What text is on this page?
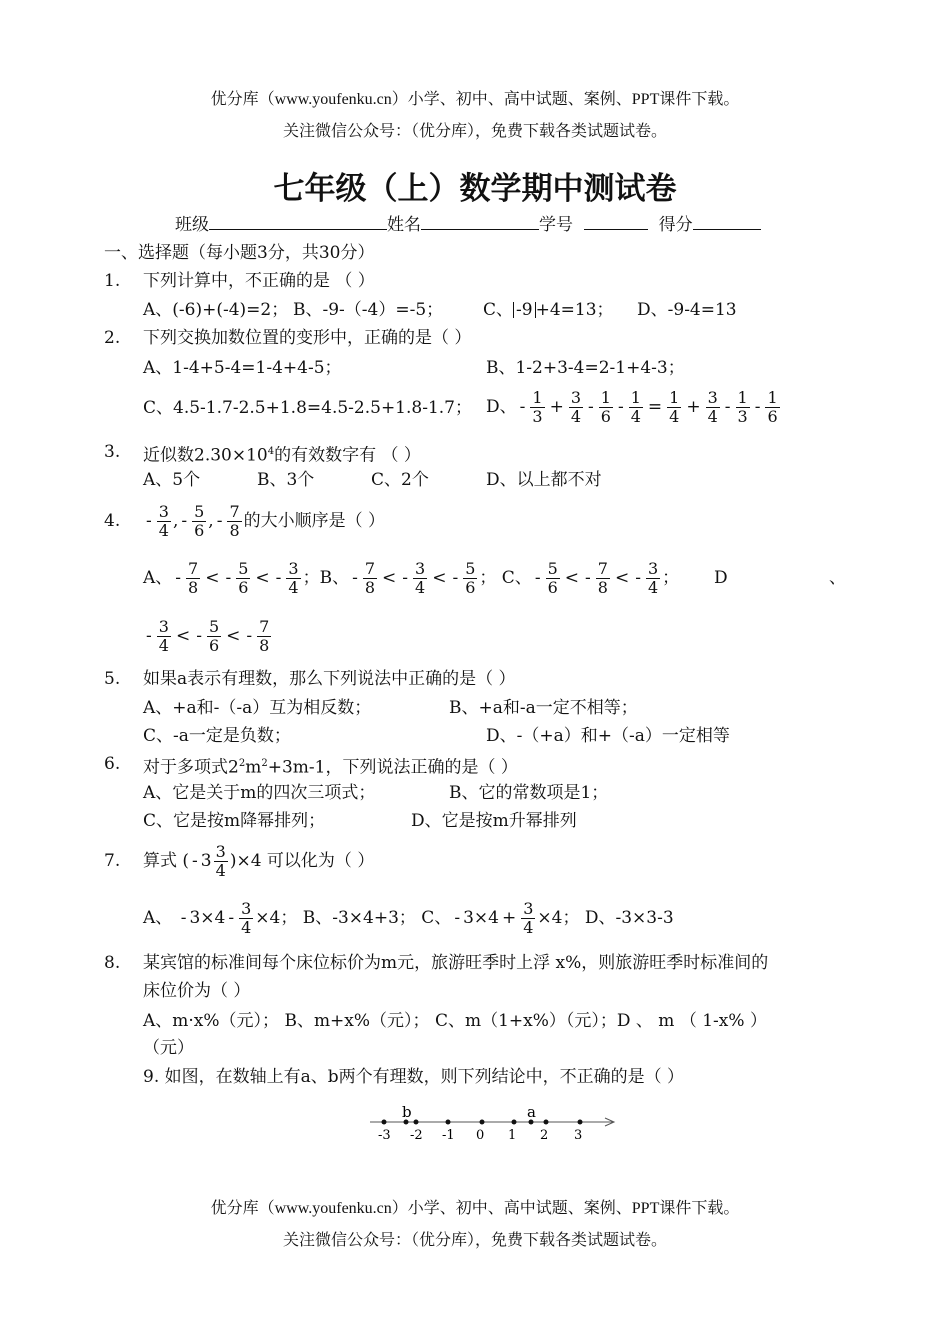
优分库（www.youfenku.cn）小学、初中、高中试题、案例、PPT课件下载。
关注微信公众号：（优分库），免费下载各类试题试卷。
七年级（上）数学期中测试卷
班级	姓名	学号	得分
一、选择题（每小题3分，共30分）
1. 下列计算中，不正确的是 （ ）
A、(-6)+(-4)=2； B、-9-（-4）=-5； C、 -9 +4=13； D、-9-4=13
2. 下列交换加数位置的变形中，正确的是（ ）
A、1-4+5-4=1-4+4-5；	B、1-2+3-4=2-1+4-3；
C、4.5-1.7-2.5+1.8=4.5-2.5+1.8-1.7； D、 - $\frac{1}{3} + \frac{3}{4} - \frac{1}{6} - \frac{1}{4} = \frac{1}{4} + \frac{3}{4} - \frac{1}{3} - \frac{1}{6}$
3. 近似数$2.30\times 10^4$的有效数字有 （ ）
A、5个	B、3个	C、2个	D、以上都不对
4. - $\frac{3}{4}$ , - $\frac{5}{6}$ , - $\frac{7}{8}$ 的大小顺序是（ ）
A、 - $\frac{7}{8}$ < - $\frac{5}{6}$ < - $\frac{3}{4}$ ；B、 - $\frac{7}{8}$ < - $\frac{3}{4}$ < - $\frac{5}{6}$ ； C、 - $\frac{5}{6}$ < - $\frac{7}{8}$ < - $\frac{3}{4}$ ； D	、
- $\frac{3}{4}$ < - $\frac{5}{6}$ < - $\frac{7}{8}$
5. 如果a表示有理数，那么下列说法中正确的是（ ）
A、+a和-（-a）互为相反数；	B、+a和-a一定不相等；
C、-a一定是负数；	D、-（+a）和+（-a）一定相等
6. 对于多项式$2^2m^2+3m-1$，下列说法正确的是（ ）
A、它是关于m的四次三项式；	B、它的常数项是1；
C、它是按m降幂排列；	D、它是按m升幂排列
7. 算式 ( - $3 \frac{3}{4} )\times 4$ 可以化为（ ）
A、 - $3\times 4 - \frac{3}{4} \times 4$； B、-3×4+3； C、 - $3\times 4 + \frac{3}{4} \times 4$； D、-3×3-3
8. 某宾馆的标准间每个床位标价为m元，旅游旺季时上浮 x%，则旅游旺季时标准间的
床位价为（ ）
A、m·x%（元）； B、m+x%（元）； C、m（1+x%）（元）；D 、 m （ 1-x% ）
（元）
9. 如图，在数轴上有a、b两个有理数，则下列结论中，不正确的是（ ）
-3 -2 -1 0 1 2 3
b	a
优分库（www.youfenku.cn）小学、初中、高中试题、案例、PPT课件下载。
关注微信公众号：（优分库），免费下载各类试题试卷。
